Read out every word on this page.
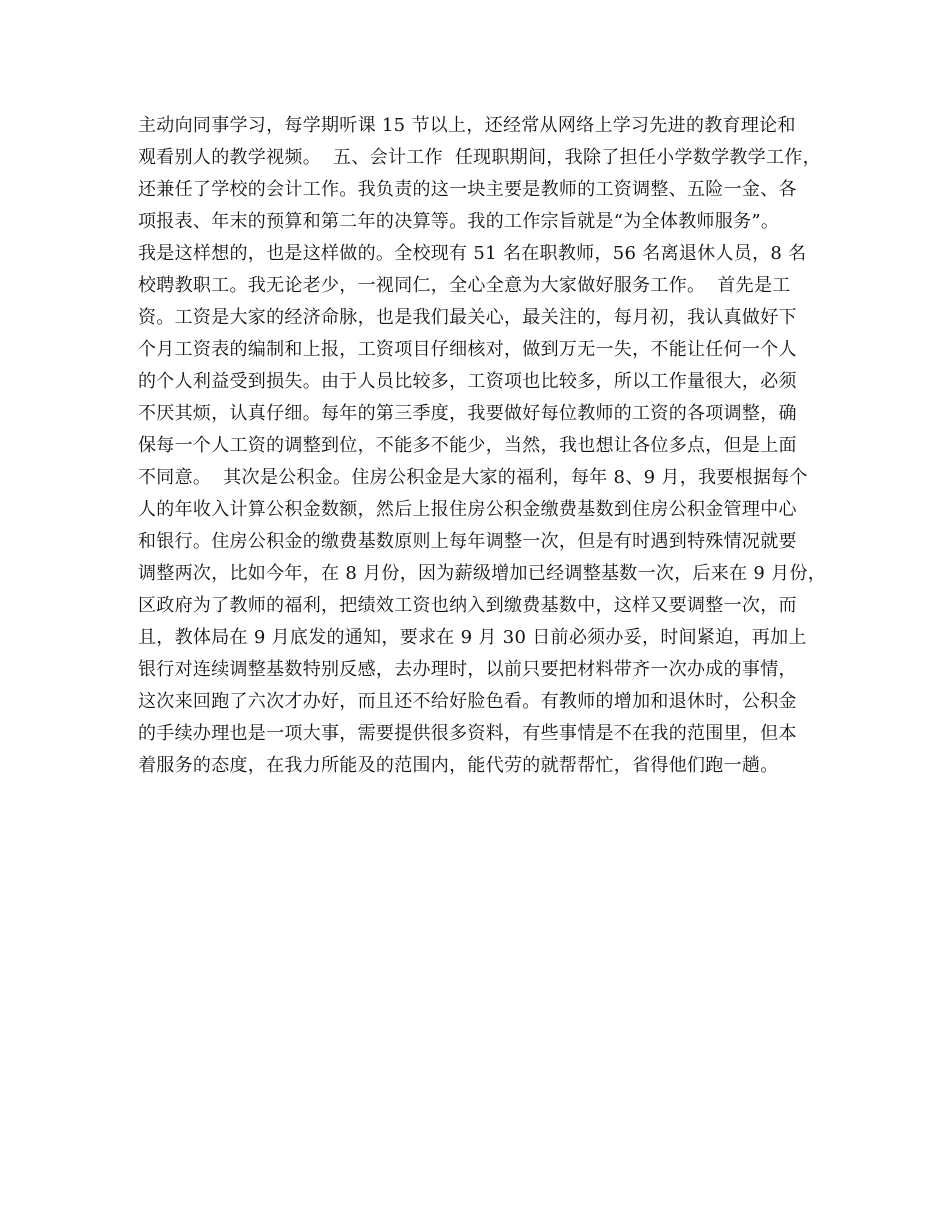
主动向同事学习，每学期听课 15 节以上，还经常从网络上学习先进的教育理论和
观看别人的教学视频。  五、会计工作  任现职期间，我除了担任小学数学教学工作，
还兼任了学校的会计工作。我负责的这一块主要是教师的工资调整、五险一金、各
项报表、年末的预算和第二年的决算等。我的工作宗旨就是“为全体教师服务”。
我是这样想的，也是这样做的。全校现有 51 名在职教师，56 名离退休人员，8 名
校聘教职工。我无论老少，一视同仁，全心全意为大家做好服务工作。  首先是工
资。工资是大家的经济命脉，也是我们最关心，最关注的，每月初，我认真做好下
个月工资表的编制和上报，工资项目仔细核对，做到万无一失，不能让任何一个人
的个人利益受到损失。由于人员比较多，工资项也比较多，所以工作量很大，必须
不厌其烦，认真仔细。每年的第三季度，我要做好每位教师的工资的各项调整，确
保每一个人工资的调整到位，不能多不能少，当然，我也想让各位多点，但是上面
不同意。  其次是公积金。住房公积金是大家的福利，每年 8、9 月，我要根据每个
人的年收入计算公积金数额，然后上报住房公积金缴费基数到住房公积金管理中心
和银行。住房公积金的缴费基数原则上每年调整一次，但是有时遇到特殊情况就要
调整两次，比如今年，在 8 月份，因为薪级增加已经调整基数一次，后来在 9 月份，
区政府为了教师的福利，把绩效工资也纳入到缴费基数中，这样又要调整一次，而
且，教体局在 9 月底发的通知，要求在 9 月 30 日前必须办妥，时间紧迫，再加上
银行对连续调整基数特别反感，去办理时，以前只要把材料带齐一次办成的事情，
这次来回跑了六次才办好，而且还不给好脸色看。有教师的增加和退休时，公积金
的手续办理也是一项大事，需要提供很多资料，有些事情是不在我的范围里，但本
着服务的态度，在我力所能及的范围内，能代劳的就帮帮忙，省得他们跑一趟。
